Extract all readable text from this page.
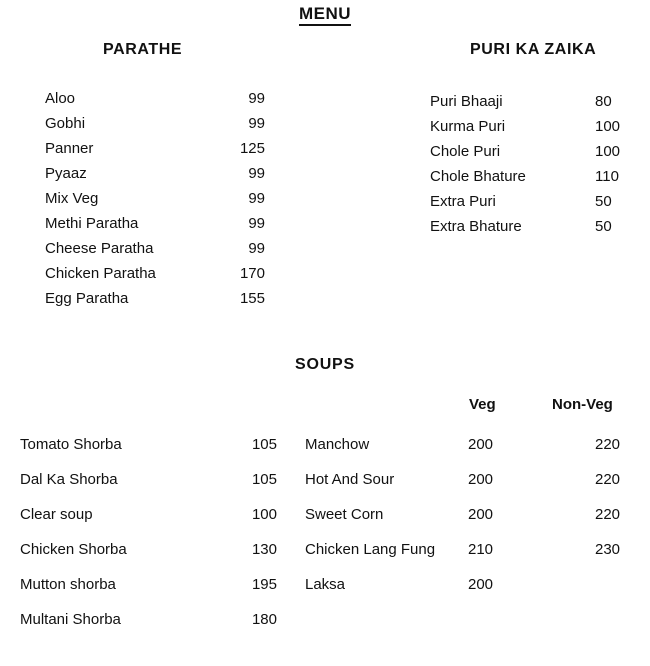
MENU
PARATHE
Aloo	99
Gobhi	99
Panner	125
Pyaaz	99
Mix Veg	99
Methi Paratha	99
Cheese Paratha	99
Chicken Paratha	170
Egg Paratha	155
PURI KA ZAIKA
Puri Bhaaji	80
Kurma Puri	100
Chole Puri	100
Chole Bhature	110
Extra Puri	50
Extra Bhature	50
SOUPS
Veg	Non-Veg
Tomato Shorba	105
Dal Ka Shorba	105
Clear soup	100
Chicken Shorba	130
Mutton shorba	195
Multani Shorba	180
Manchow	200	220
Hot And Sour	200	220
Sweet Corn	200	220
Chicken Lang Fung 210	230
Laksa	200
